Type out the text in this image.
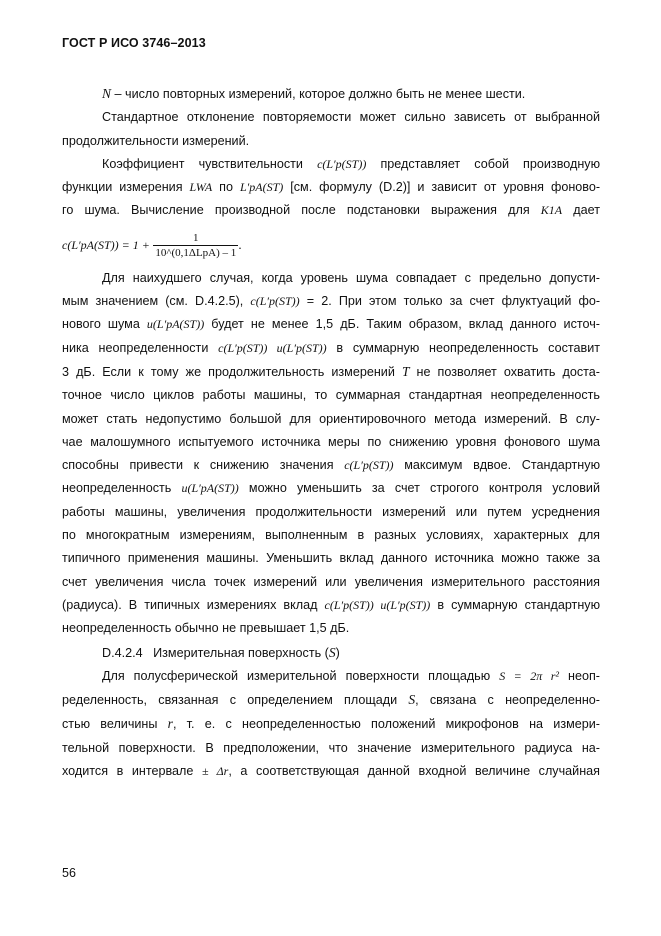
ГОСТ Р ИСО 3746–2013

N – число повторных измерений, которое должно быть не менее шести.

Стандартное отклонение повторяемости может сильно зависеть от выбранной

продолжительности измерений.

Коэффициент чувствительности c(L′p(ST)) представляет собой производную

функции измерения LWA по L′pA(ST) [см. формулу (D.2)] и зависит от уровня фоново-

го шума. Вычисление производной после подстановки выражения для K1A дает

$c(L'pA(ST)) = 1 + \frac{1}{\text{10\textasciicircum{}(0,1ΔLpA) – 1}}$ .

Для наихудшего случая, когда уровень шума совпадает с предельно допусти-

мым значением (см. D.4.2.5), c(L′p(ST)) = 2. При этом только за счет флуктуаций фо-

нового шума u(L′pA(ST)) будет не менее 1,5 дБ. Таким образом, вклад данного источ-

ника неопределенности c(L′p(ST)) u(L′p(ST)) в суммарную неопределенность составит

3 дБ. Если к тому же продолжительность измерений T не позволяет охватить доста-

точное число циклов работы машины, то суммарная стандартная неопределенность

может стать недопустимо большой для ориентировочного метода измерений. В слу-

чае малошумного испытуемого источника меры по снижению уровня фонового шума

способны привести к снижению значения c(L′p(ST)) максимум вдвое. Стандартную

неопределенность u(L′pA(ST)) можно уменьшить за счет строгого контроля условий

работы машины, увеличения продолжительности измерений или путем усреднения

по многократным измерениям, выполненным в разных условиях, характерных для

типичного применения машины. Уменьшить вклад данного источника можно также за

счет увеличения числа точек измерений или увеличения измерительного расстояния

(радиуса). В типичных измерениях вклад c(L′p(ST)) u(L′p(ST)) в суммарную стандартную

неопределенность обычно не превышает 1,5 дБ.

D.4.2.4 Измерительная поверхность (S)

Для полусферической измерительной поверхности площадью S = 2π r² неоп-

ределенность, связанная с определением площади S, связана с неопределенно-

стью величины r, т. е. с неопределенностью положений микрофонов на измери-

тельной поверхности. В предположении, что значение измерительного радиуса на-

ходится в интервале ± Δr, а соответствующая данной входной величине случайная

56
